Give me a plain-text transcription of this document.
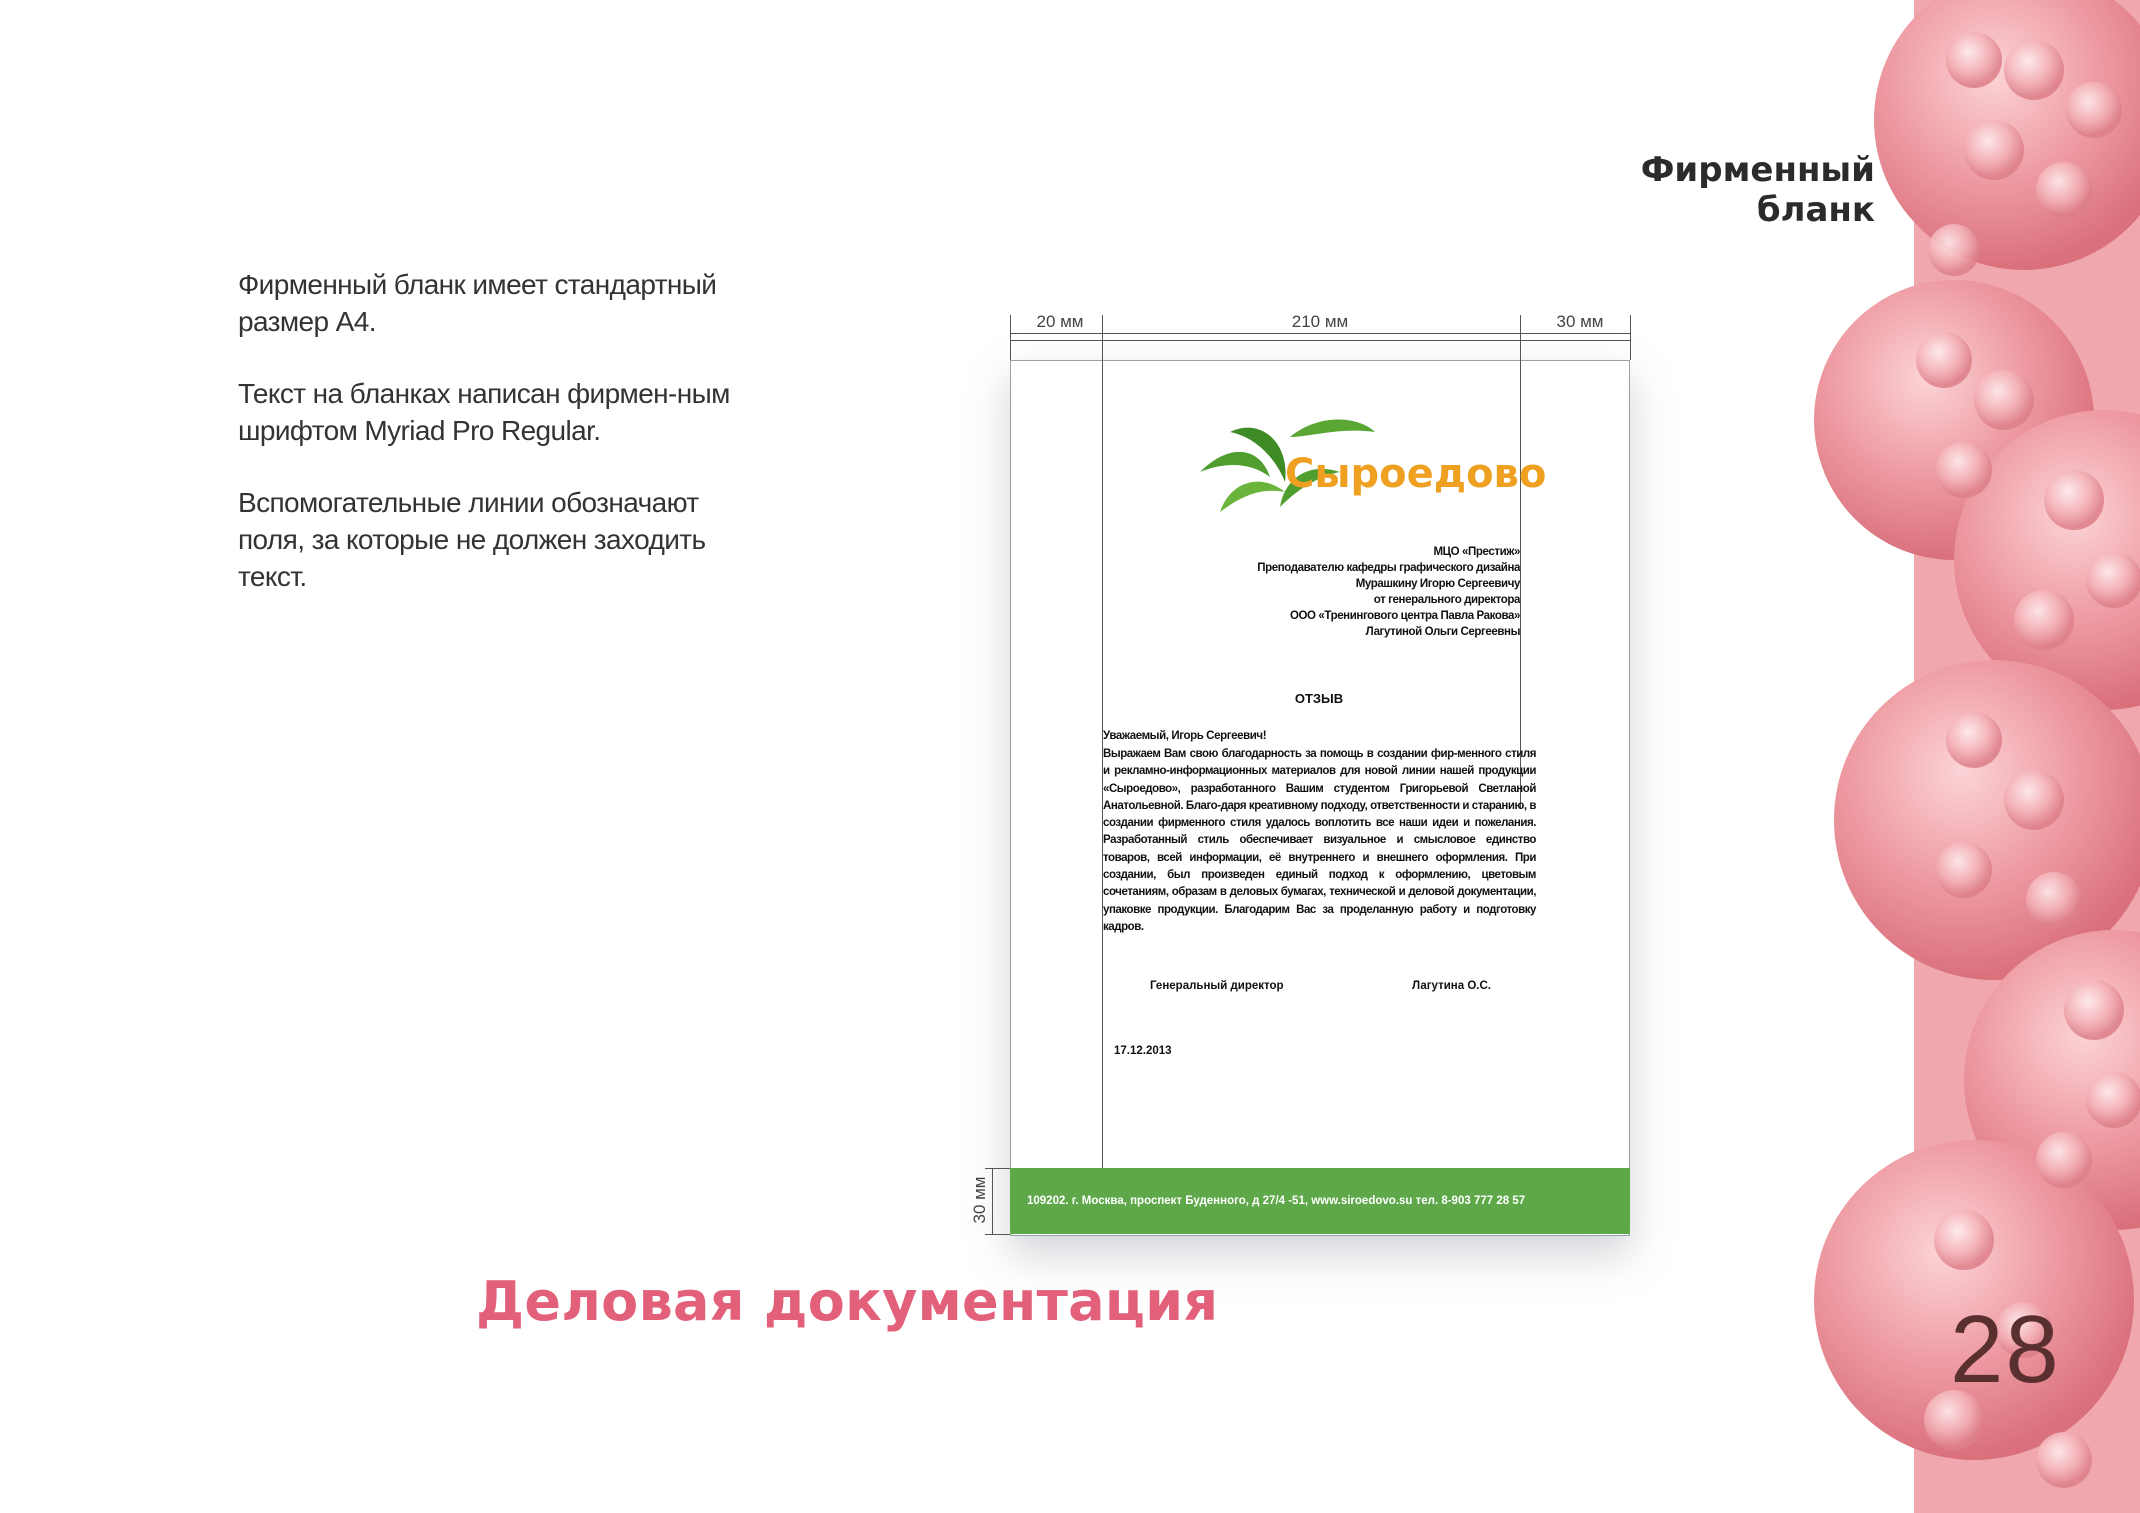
28
Фирменный бланк

Фирменный бланк имеет стандартный размер А4.

Текст на бланках написан фирмен-ным шрифтом Myriad Pro Regular.

Вспомогательные линии обозначают поля, за которые не должен заходить текст.

20 мм	210 мм	30 мм
30 мм
Сыроедово
МЦО «Престиж»
Преподавателю кафедры графического дизайна
Мурашкину Игорю Сергеевичу
от генерального директора
ООО «Тренингового центра Павла Ракова»
Лагутиной Ольги Сергеевны
ОТЗЫВ
Уважаемый, Игорь Сергеевич!
Выражаем Вам свою благодарность за помощь в создании фир-менного стиля и рекламно-информационных материалов для новой линии нашей продукции «Сыроедово», разработанного Вашим студентом Григорьевой Светланой Анатольевной. Благо-даря креативному подходу, ответственности и старанию, в создании фирменного стиля удалось воплотить все наши идеи и пожелания. Разработанный стиль обеспечивает визуальное и смысловое единство товаров, всей информации, её внутреннего и внешнего оформления. При создании, был произведен единый подход к оформлению, цветовым сочетаниям, образам в деловых бумагах, технической и деловой документации, упаковке продукции. Благодарим Вас за проделанную работу и подготовку кадров.
Генеральный директор	Лагутина О.С.
17.12.2013
109202. г. Москва, проспект Буденного, д 27/4 -51, www.siroedovo.su тел. 8-903 777 28 57
Деловая документация
